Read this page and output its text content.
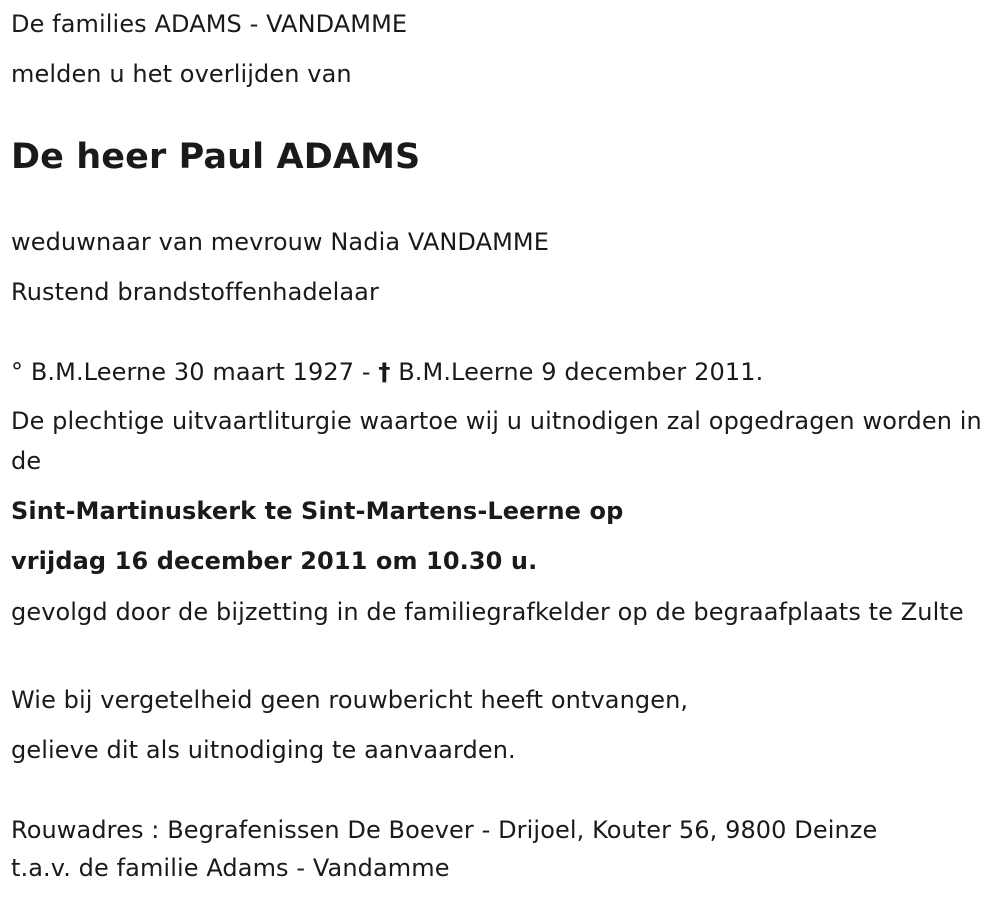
De families ADAMS - VANDAMME
melden u het overlijden van
De heer Paul ADAMS
weduwnaar van mevrouw Nadia VANDAMME
Rustend brandstoffenhadelaar
° B.M.Leerne 30 maart 1927 - † B.M.Leerne 9 december 2011.
De plechtige uitvaartliturgie waartoe wij u uitnodigen zal opgedragen worden in de
Sint-Martinuskerk te Sint-Martens-Leerne op
vrijdag 16 december 2011 om 10.30 u.
gevolgd door de bijzetting in de familiegrafkelder op de begraafplaats te Zulte
Wie bij vergetelheid geen rouwbericht heeft ontvangen,
gelieve dit als uitnodiging te aanvaarden.
Rouwadres : Begrafenissen De Boever - Drijoel, Kouter 56, 9800 Deinze
t.a.v. de familie Adams - Vandamme
